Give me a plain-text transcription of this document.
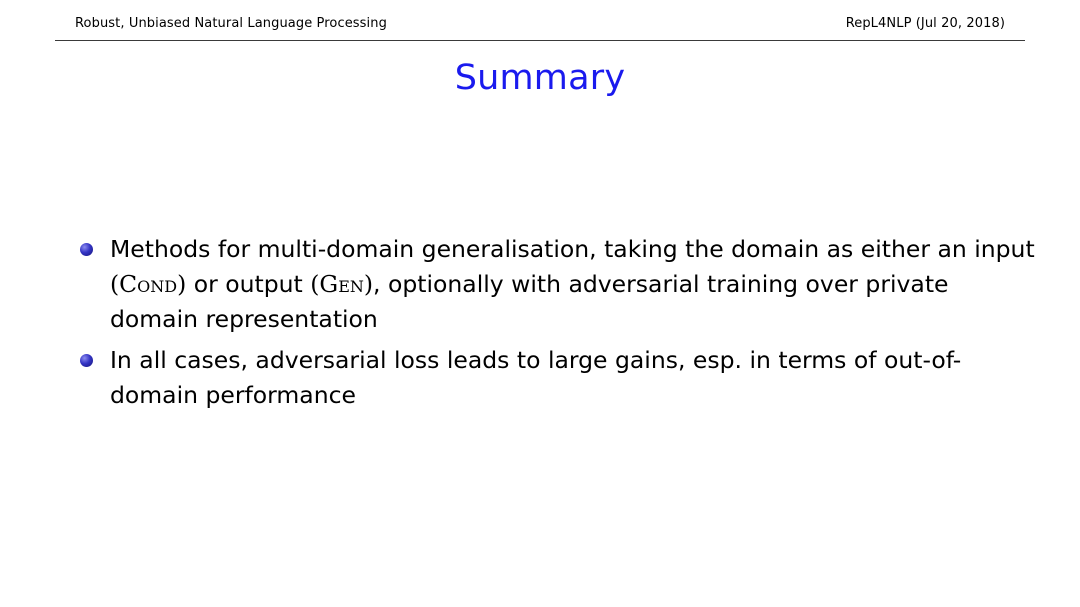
Robust, Unbiased Natural Language Processing	RepL4NLP (Jul 20, 2018)
Summary
Methods for multi-domain generalisation, taking the domain as either an input
(Cond) or output (Gen), optionally with adversarial training over private domain representation
In all cases, adversarial loss leads to large gains, esp. in terms of out-of-domain performance
